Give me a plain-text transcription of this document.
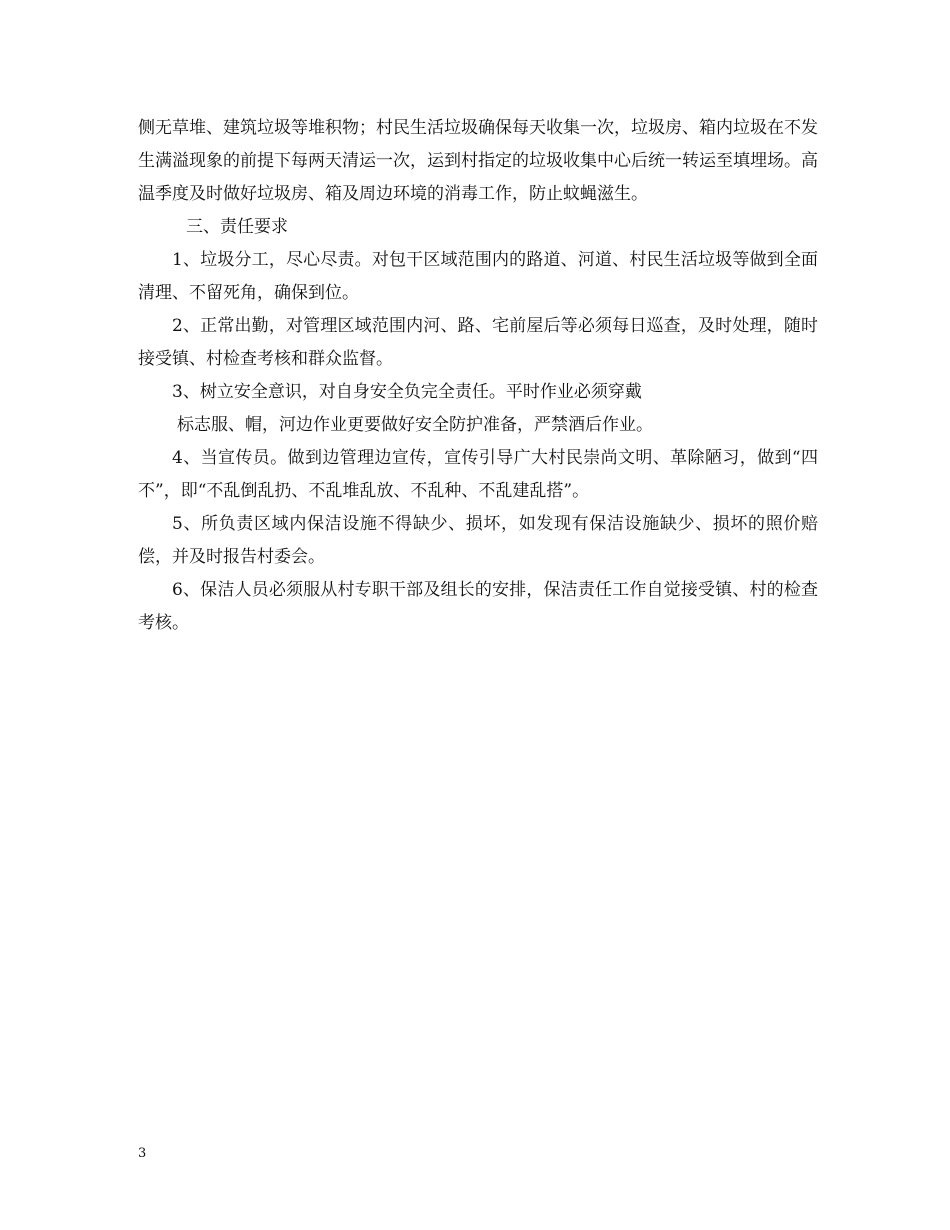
侧无草堆、建筑垃圾等堆积物；村民生活垃圾确保每天收集一次，垃圾房、箱内垃圾在不发生满溢现象的前提下每两天清运一次，运到村指定的垃圾收集中心后统一转运至填埋场。高温季度及时做好垃圾房、箱及周边环境的消毒工作，防止蚊蝇滋生。

三、责任要求

1、垃圾分工，尽心尽责。对包干区域范围内的路道、河道、村民生活垃圾等做到全面清理、不留死角，确保到位。

2、正常出勤，对管理区域范围内河、路、宅前屋后等必须每日巡查，及时处理，随时接受镇、村检查考核和群众监督。

3、树立安全意识，对自身安全负完全责任。平时作业必须穿戴

标志服、帽，河边作业更要做好安全防护准备，严禁酒后作业。

4、当宣传员。做到边管理边宣传，宣传引导广大村民崇尚文明、革除陋习，做到“四不”，即“不乱倒乱扔、不乱堆乱放、不乱种、不乱建乱搭”。

5、所负责区域内保洁设施不得缺少、损坏，如发现有保洁设施缺少、损坏的照价赔偿，并及时报告村委会。

6、保洁人员必须服从村专职干部及组长的安排，保洁责任工作自觉接受镇、村的检查考核。

3
